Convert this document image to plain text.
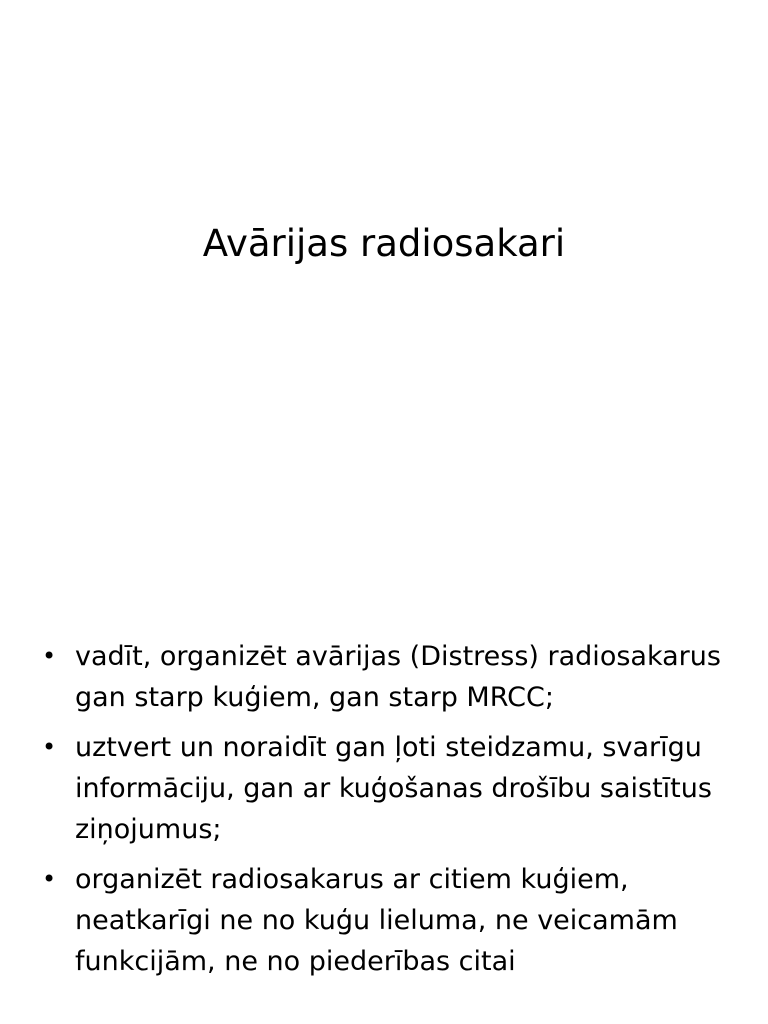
Avārijas radiosakari
• vadīt, organizēt avārijas (Distress) radiosakarus gan starp kuģiem, gan starp MRCC;
• uztvert un noraidīt gan ļoti steidzamu, svarīgu informāciju, gan ar kuģošanas drošību saistītus ziņojumus;
• organizēt radiosakarus ar citiem kuģiem, neatkarīgi ne no kuģu lieluma, ne veicamām funkcijām, ne no piederības citai
